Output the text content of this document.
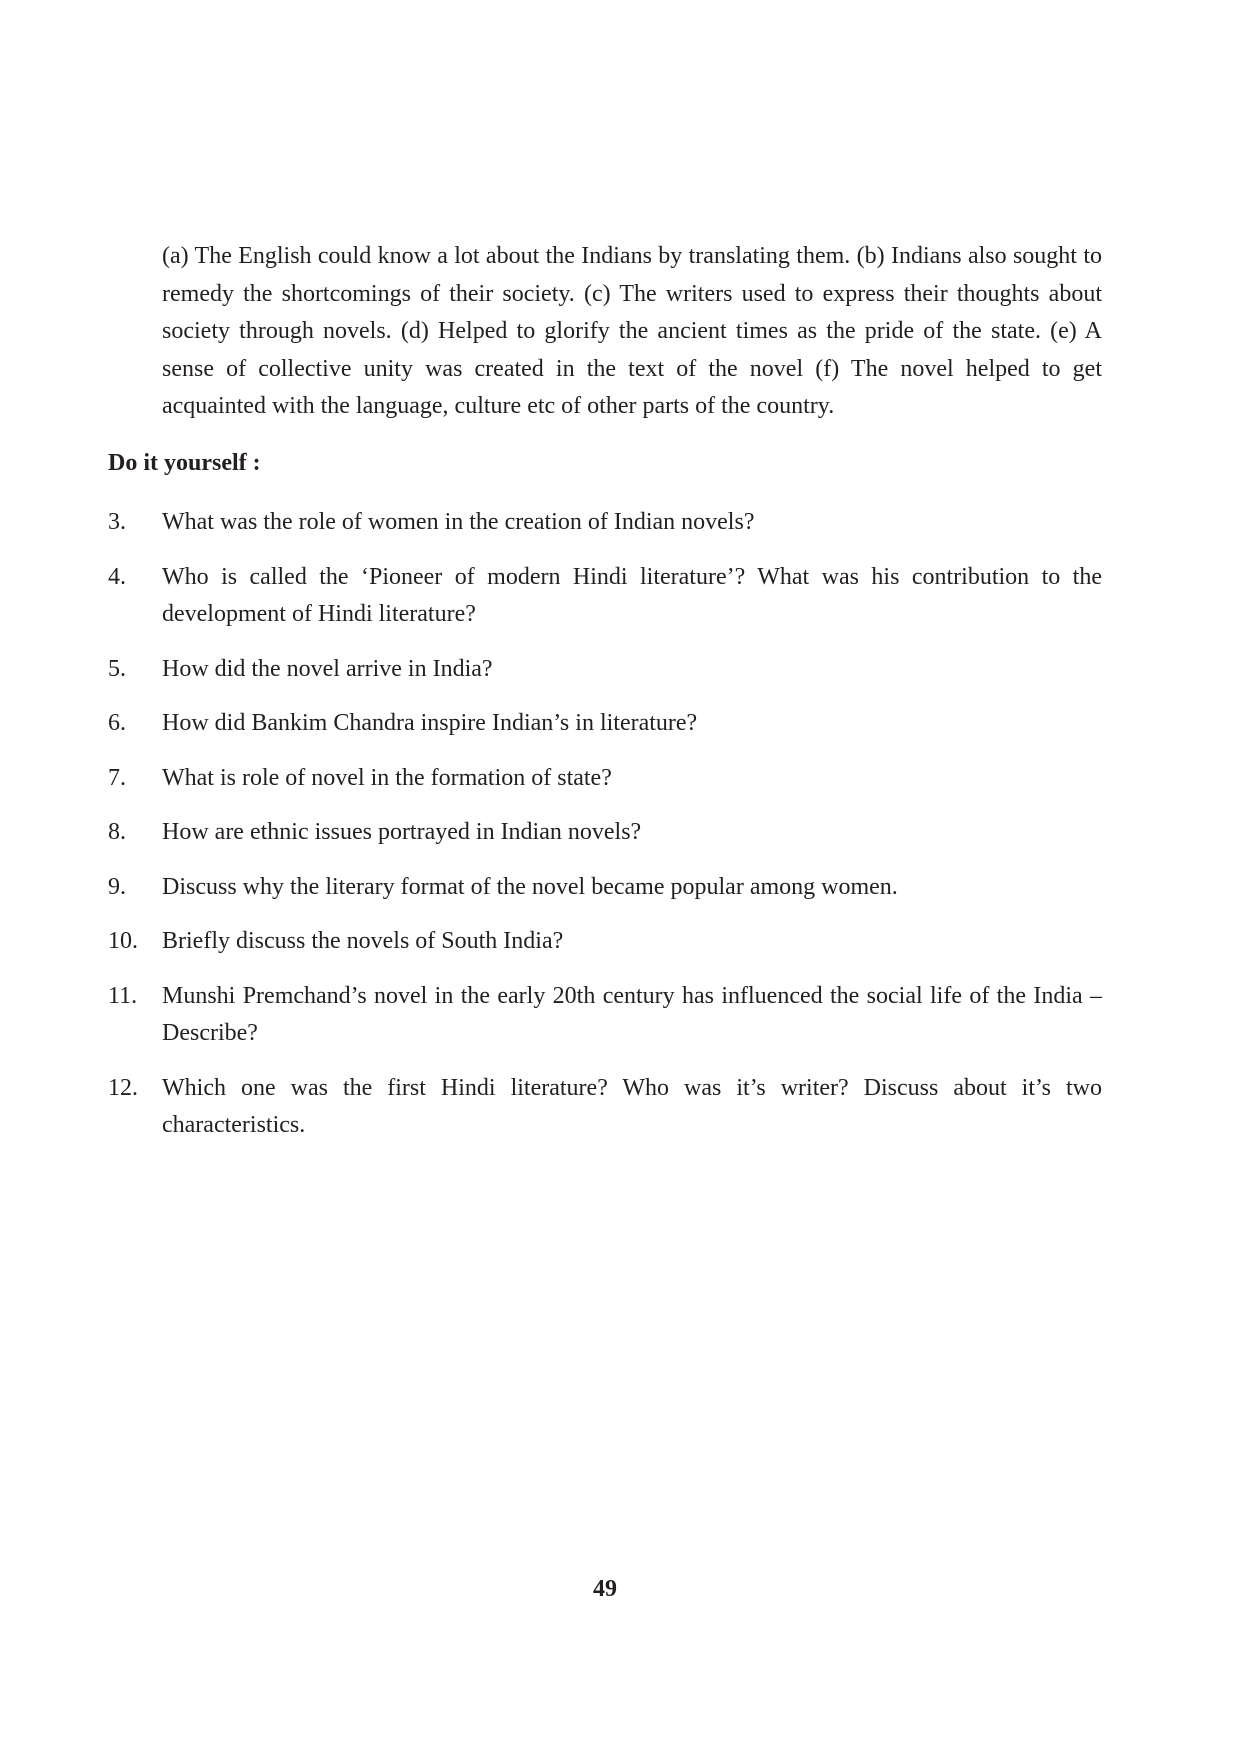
(a) The English could know a lot about the Indians by translating them. (b) Indians also sought to remedy the shortcomings of their society. (c) The writers used to express their thoughts about society through novels. (d) Helped to glorify the ancient times as the pride of the state. (e) A sense of collective unity was created in the text of the novel (f) The novel helped to get acquainted with the language, culture etc of other parts of the country.

Do it yourself :
3.	What was the role of women in the creation of Indian novels?
4.	Who is called the ‘Pioneer of modern Hindi literature’? What was his contribution to the development of Hindi literature?
5.	How did the novel arrive in India?
6.	How did Bankim Chandra inspire Indian’s in literature?
7.	What is role of novel in the formation of state?
8.	How are ethnic issues portrayed in Indian novels?
9.	Discuss why the literary format of the novel became popular among women.
10.	Briefly discuss the novels of South India?
11.	Munshi Premchand’s novel in the early 20th century has influenced the social life of the India – Describe?
12.	Which one was the first Hindi literature? Who was it’s writer? Discuss about it’s two characteristics.

49
